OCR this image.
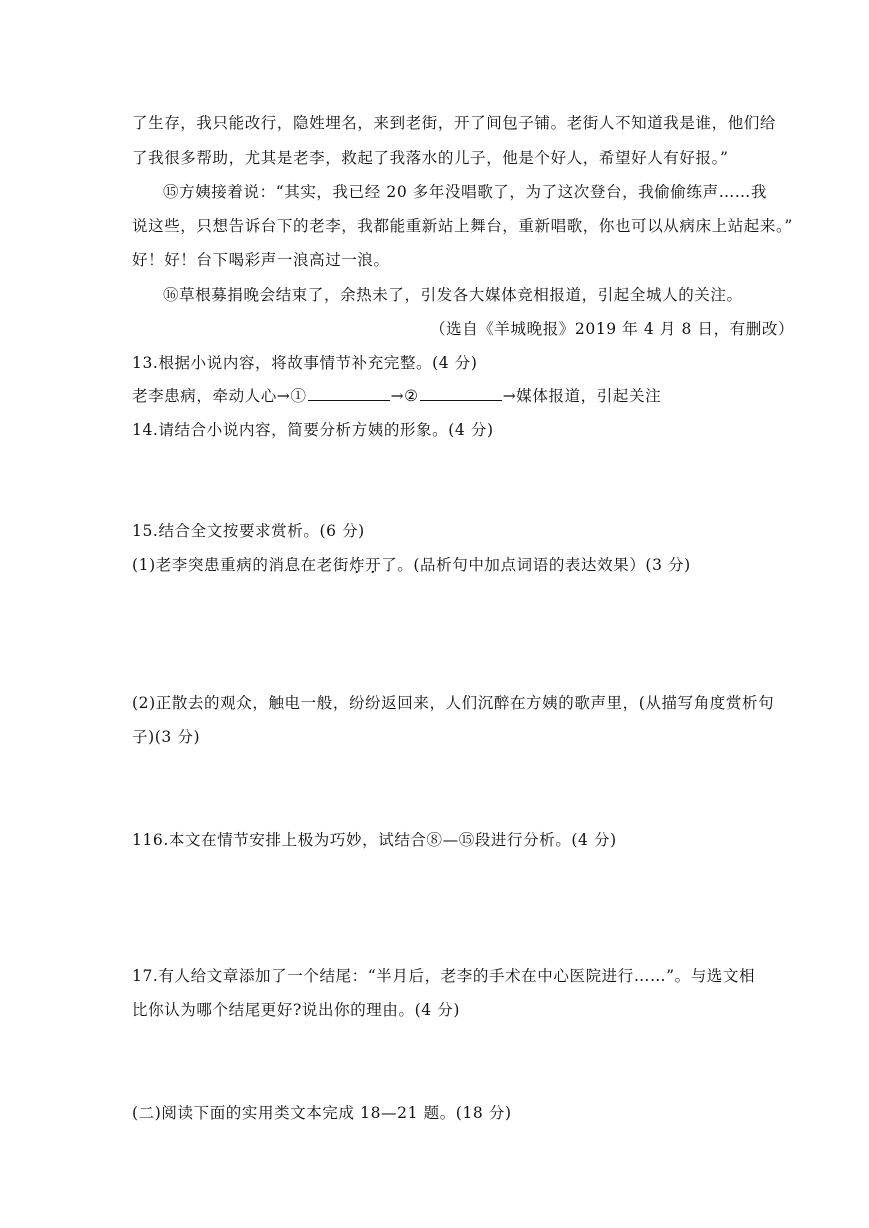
了生存，我只能改行，隐姓埋名，来到老街，开了间包子铺。老街人不知道我是谁，他们给
了我很多帮助，尤其是老李，救起了我落水的儿子，他是个好人，希望好人有好报。”
⑮方姨接着说：“其实，我已经 20 多年没唱歌了，为了这次登台，我偷偷练声……我
说这些，只想告诉台下的老李，我都能重新站上舞台，重新唱歌，你也可以从病床上站起来。”
好！好！台下喝彩声一浪高过一浪。
⑯草根募捐晚会结束了，余热未了，引发各大媒体竞相报道，引起全城人的关注。
（选自《羊城晚报》2019 年 4 月 8 日，有删改）
13.根据小说内容，将故事情节补充完整。(4 分)
老李患病，牵动人心→①	→②	→媒体报道，引起关注
14.请结合小说内容，简要分析方姨的形象。(4 分)
15.结合全文按要求赏析。(6 分)
(1)老李突患重病的消息在老街炸开了。(品析句中加点词语的表达效果）(3 分)
(2)正散去的观众，触电一般，纷纷返回来，人们沉醉在方姨的歌声里，(从描写角度赏析句
子)(3 分)
116.本文在情节安排上极为巧妙，试结合⑧—⑮段进行分析。(4 分)
17.有人给文章添加了一个结尾：“半月后，老李的手术在中心医院进行……”。与选文相
比你认为哪个结尾更好?说出你的理由。(4 分)
(二)阅读下面的实用类文本完成 18—21 题。(18 分)
